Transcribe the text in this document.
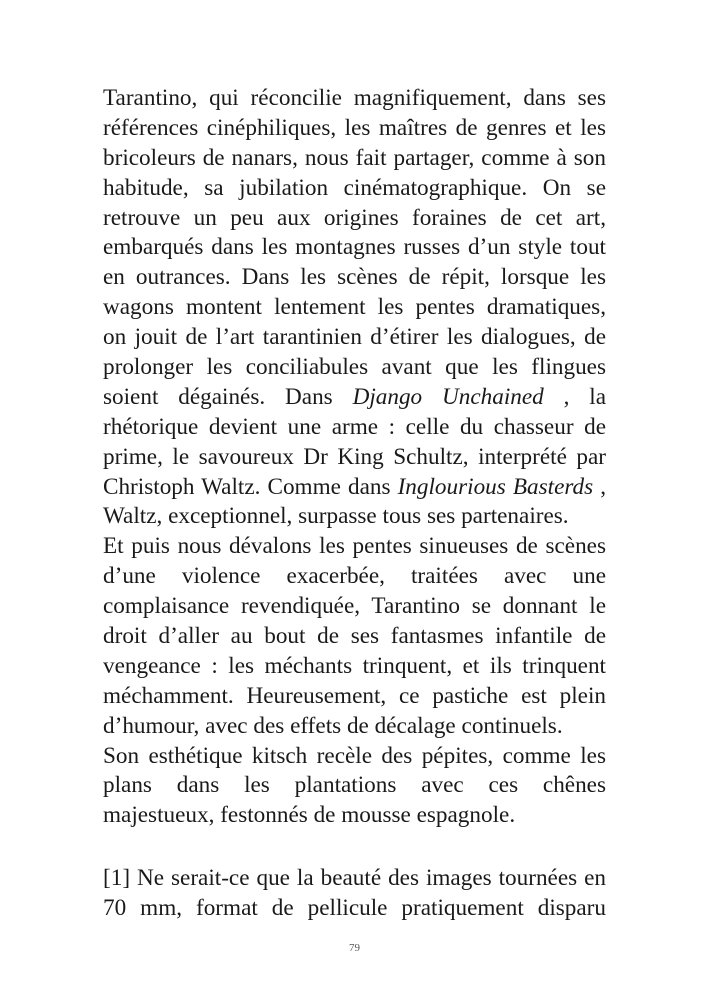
Tarantino, qui réconcilie magnifiquement, dans ses
références cinéphiliques, les maîtres de genres et les
bricoleurs de nanars, nous fait partager, comme à son
habitude, sa jubilation cinématographique. On se
retrouve un peu aux origines foraines de cet art,
embarqués dans les montagnes russes d’un style tout
en outrances. Dans les scènes de répit, lorsque les
wagons montent lentement les pentes dramatiques,
on jouit de l’art tarantinien d’étirer les dialogues, de
prolonger les conciliabules avant que les flingues
soient dégainés. Dans Django Unchained , la
rhétorique devient une arme : celle du chasseur de
prime, le savoureux Dr King Schultz, interprété par
Christoph Waltz. Comme dans Inglourious Basterds ,
Waltz, exceptionnel, surpasse tous ses partenaires.
Et puis nous dévalons les pentes sinueuses de scènes
d’une violence exacerbée, traitées avec une
complaisance revendiquée, Tarantino se donnant le
droit d’aller au bout de ses fantasmes infantile de
vengeance : les méchants trinquent, et ils trinquent
méchamment. Heureusement, ce pastiche est plein
d’humour, avec des effets de décalage continuels.
Son esthétique kitsch recèle des pépites, comme les
plans dans les plantations avec ces chênes
majestueux, festonnés de mousse espagnole.
[1] Ne serait-ce que la beauté des images tournées en
70 mm, format de pellicule pratiquement disparu
79
